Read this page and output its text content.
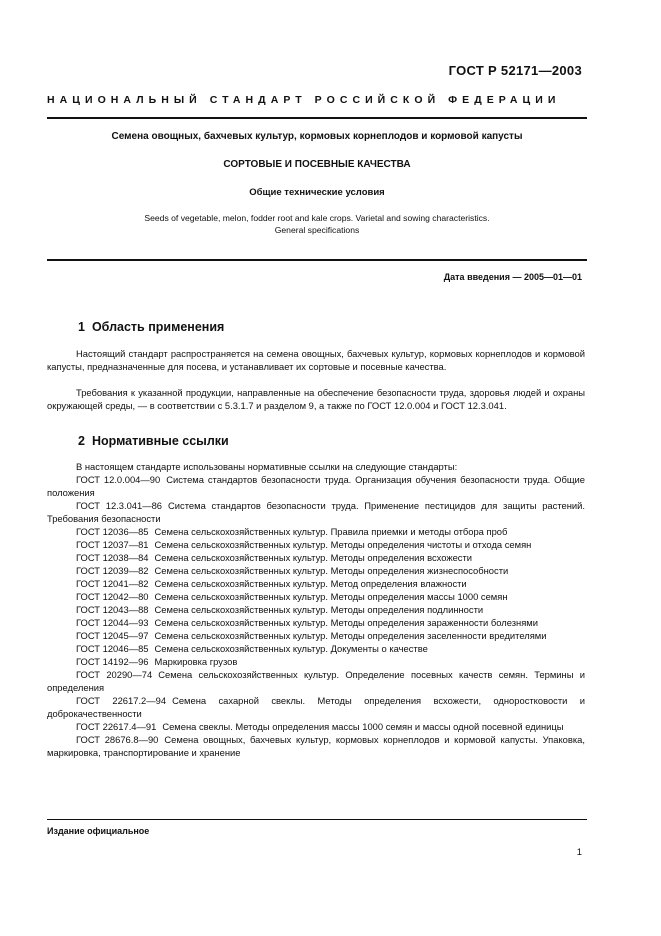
ГОСТ Р 52171—2003
НАЦИОНАЛЬНЫЙ СТАНДАРТ РОССИЙСКОЙ ФЕДЕРАЦИИ
Семена овощных, бахчевых культур, кормовых корнеплодов и кормовой капусты
СОРТОВЫЕ И ПОСЕВНЫЕ КАЧЕСТВА
Общие технические условия
Seeds of vegetable, melon, fodder root and kale crops. Varietal and sowing characteristics.
General specifications
Дата введения — 2005—01—01
1 Область применения
Настоящий стандарт распространяется на семена овощных, бахчевых культур, кормовых корнеплодов и кормовой капусты, предназначенные для посева, и устанавливает их сортовые и посевные качества.
Требования к указанной продукции, направленные на обеспечение безопасности труда, здоровья людей и охраны окружающей среды, — в соответствии с 5.3.1.7 и разделом 9, а также по ГОСТ 12.0.004 и ГОСТ 12.3.041.
2 Нормативные ссылки
В настоящем стандарте использованы нормативные ссылки на следующие стандарты:

ГОСТ 12.0.004—90 Система стандартов безопасности труда. Организация обучения безопасности труда. Общие положения

ГОСТ 12.3.041—86 Система стандартов безопасности труда. Применение пестицидов для защиты растений. Требования безопасности

ГОСТ 12036—85 Семена сельскохозяйственных культур. Правила приемки и методы отбора проб

ГОСТ 12037—81 Семена сельскохозяйственных культур. Методы определения чистоты и отхода семян

ГОСТ 12038—84 Семена сельскохозяйственных культур. Методы определения всхожести

ГОСТ 12039—82 Семена сельскохозяйственных культур. Методы определения жизнеспособности

ГОСТ 12041—82 Семена сельскохозяйственных культур. Метод определения влажности

ГОСТ 12042—80 Семена сельскохозяйственных культур. Методы определения массы 1000 семян

ГОСТ 12043—88 Семена сельскохозяйственных культур. Методы определения подлинности

ГОСТ 12044—93 Семена сельскохозяйственных культур. Методы определения зараженности болезнями

ГОСТ 12045—97 Семена сельскохозяйственных культур. Методы определения заселенности вредителями

ГОСТ 12046—85 Семена сельскохозяйственных культур. Документы о качестве

ГОСТ 14192—96 Маркировка грузов

ГОСТ 20290—74 Семена сельскохозяйственных культур. Определение посевных качеств семян. Термины и определения

ГОСТ 22617.2—94 Семена сахарной свеклы. Методы определения всхожести, одноростковости и доброкачественности

ГОСТ 22617.4—91 Семена свеклы. Методы определения массы 1000 семян и массы одной посевной единицы

ГОСТ 28676.8—90 Семена овощных, бахчевых культур, кормовых корнеплодов и кормовой капусты. Упаковка, маркировка, транспортирование и хранение

Издание официальное
1
